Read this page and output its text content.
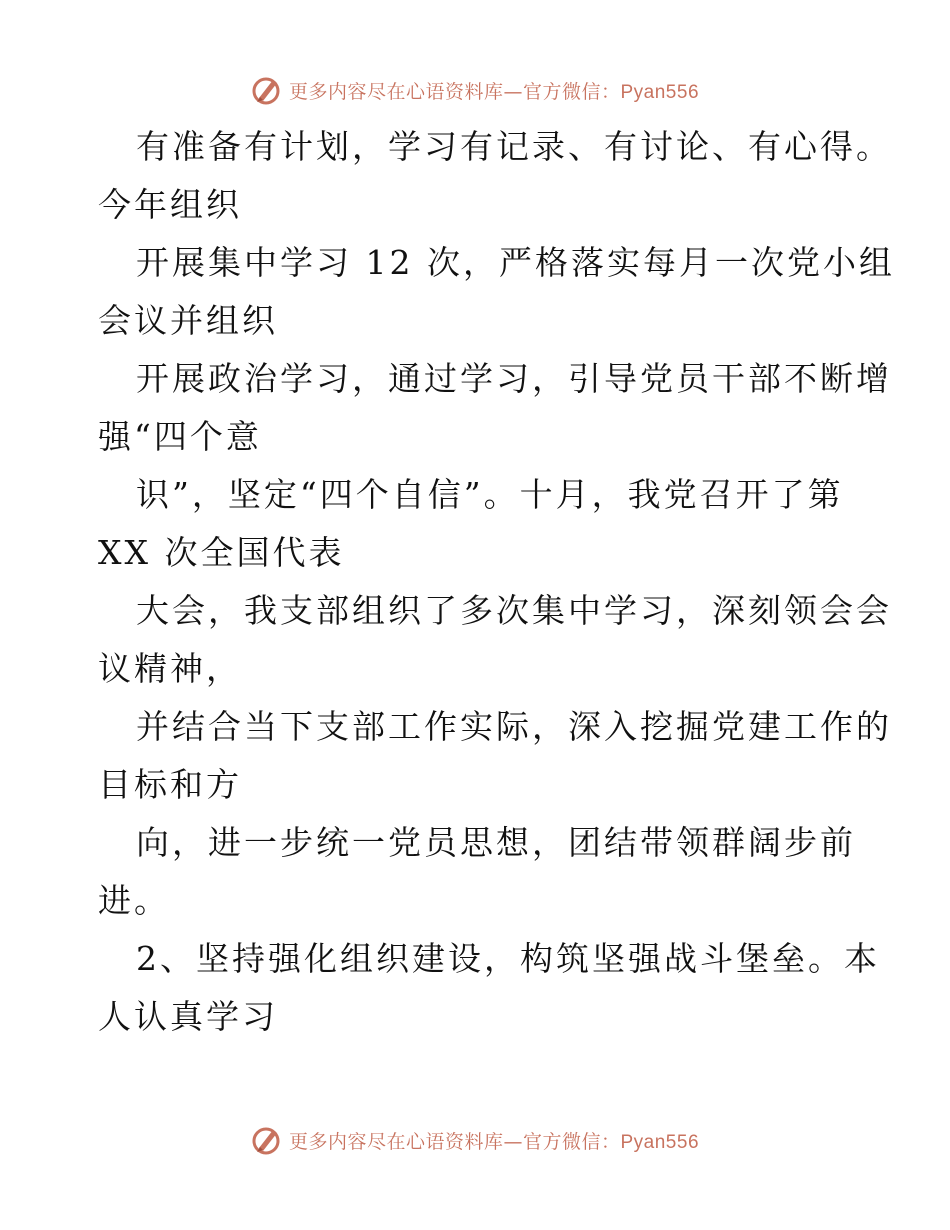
更多内容尽在心语资料库—官方微信：Pyan556
有准备有计划，学习有记录、有讨论、有心得。
今年组织
开展集中学习 12 次，严格落实每月一次党小组
会议并组织
开展政治学习，通过学习，引导党员干部不断增
强“四个意
识”，坚定“四个自信”。十月，我党召开了第
XX 次全国代表
大会，我支部组织了多次集中学习，深刻领会会
议精神，
并结合当下支部工作实际，深入挖掘党建工作的
目标和方
向，进一步统一党员思想，团结带领群阔步前
进。
2、坚持强化组织建设，构筑坚强战斗堡垒。本
人认真学习
更多内容尽在心语资料库—官方微信：Pyan556
